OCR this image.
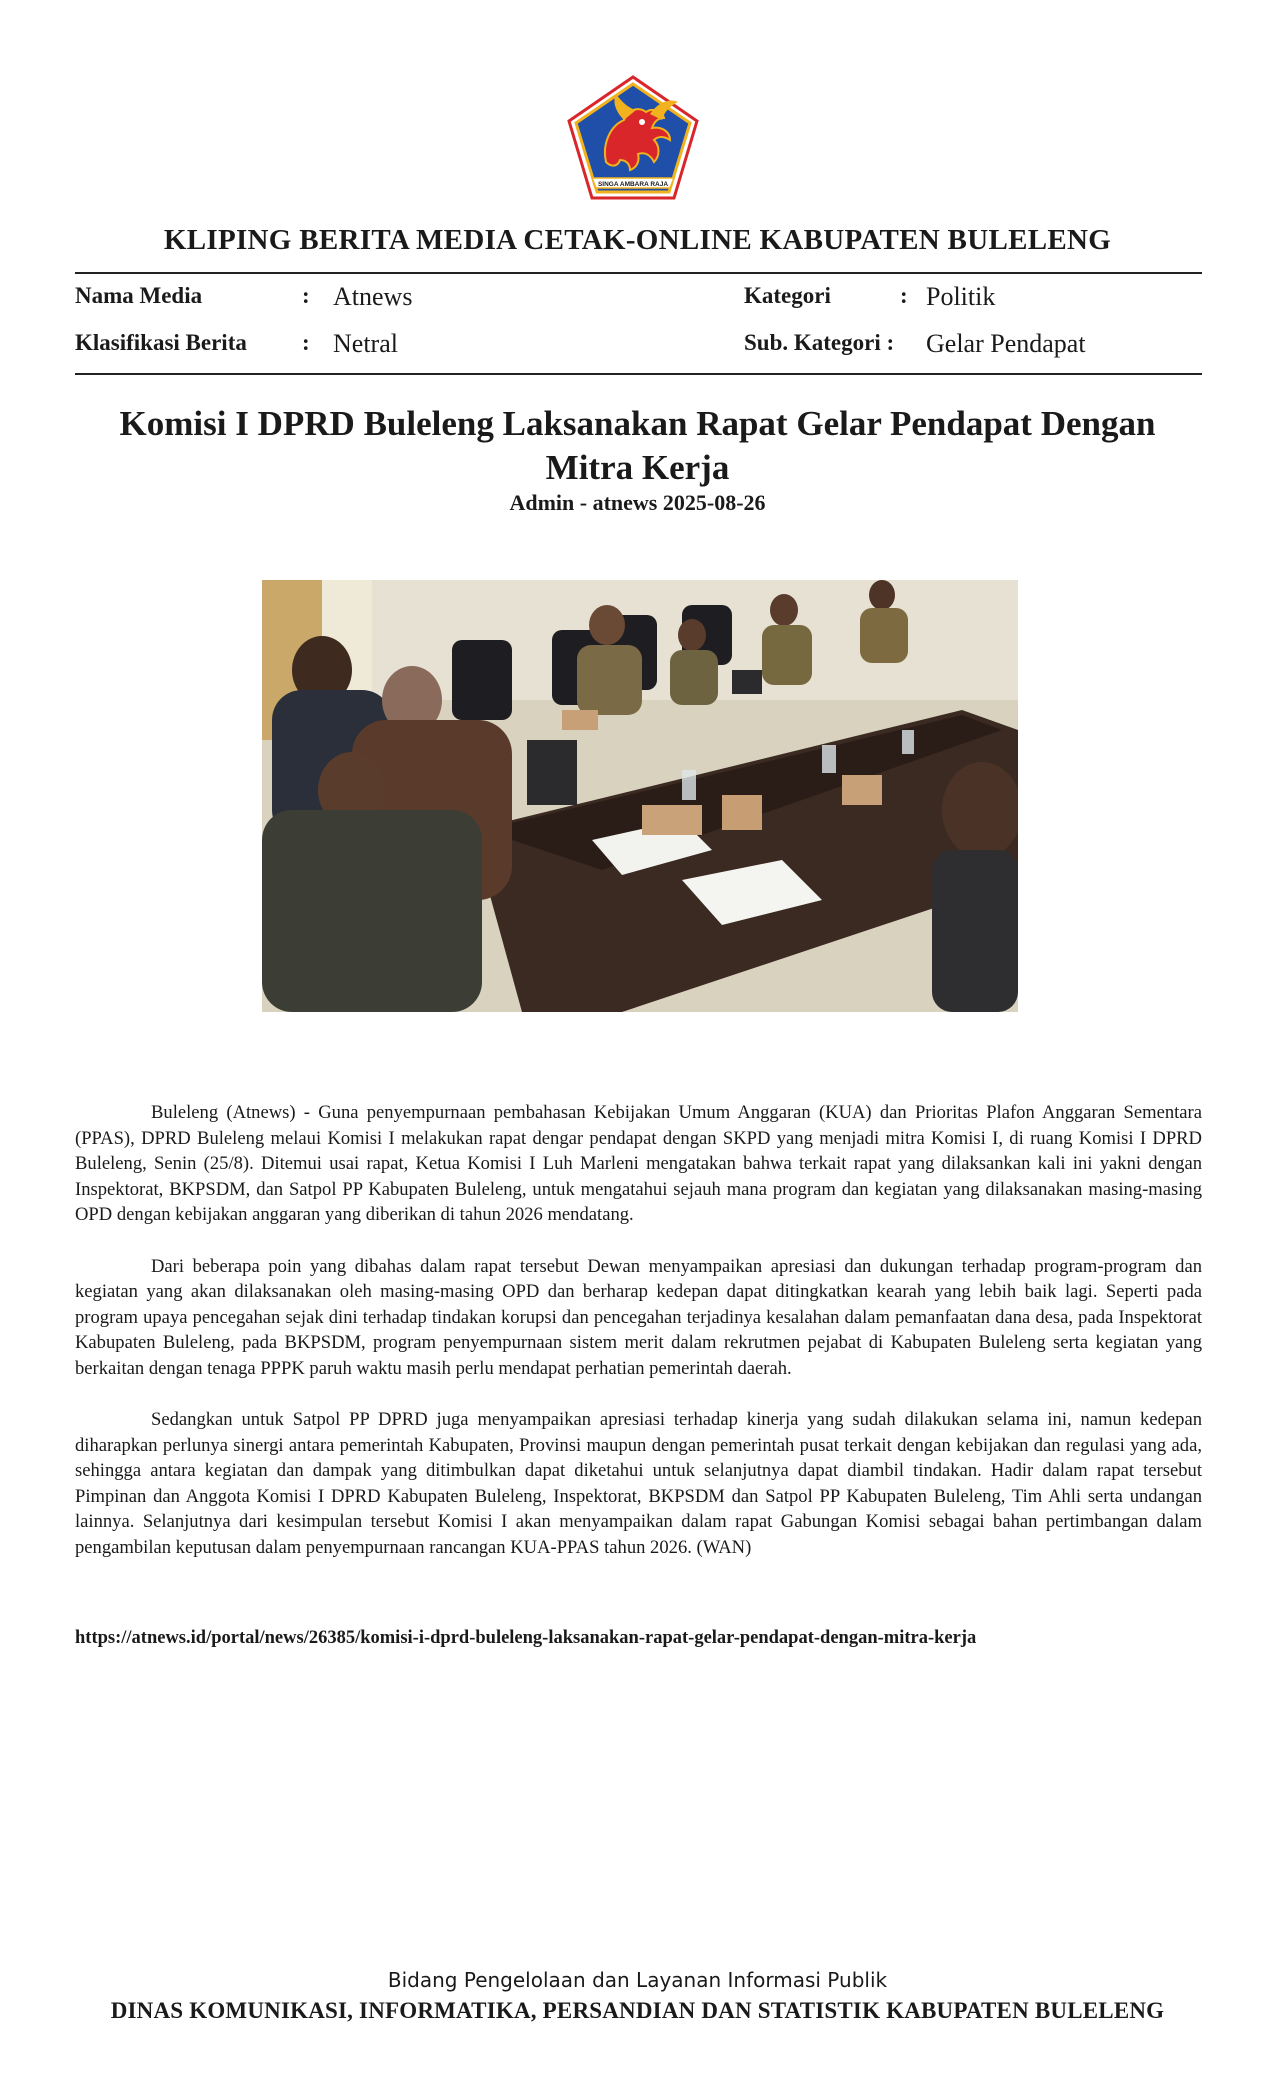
SINGA AMBARA RAJA
KLIPING BERITA MEDIA CETAK-ONLINE KABUPATEN BULELENG
Nama Media	: Atnews
Klasifikasi Berita : Netral
Kategori	: Politik
Sub. Kategori : Gelar Pendapat
Komisi I DPRD Buleleng Laksanakan Rapat Gelar Pendapat Dengan Mitra Kerja
Admin - atnews 2025-08-26

Buleleng (Atnews) - Guna penyempurnaan pembahasan Kebijakan Umum Anggaran (KUA) dan Prioritas Plafon Anggaran Sementara (PPAS), DPRD Buleleng melaui Komisi I melakukan rapat dengar pendapat dengan SKPD yang menjadi mitra Komisi I, di ruang Komisi I DPRD Buleleng, Senin (25/8). Ditemui usai rapat, Ketua Komisi I Luh Marleni mengatakan bahwa terkait rapat yang dilaksankan kali ini yakni dengan Inspektorat, BKPSDM, dan Satpol PP Kabupaten Buleleng, untuk mengatahui sejauh mana program dan kegiatan yang dilaksanakan masing-masing OPD dengan kebijakan anggaran yang diberikan di tahun 2026 mendatang.

Dari beberapa poin yang dibahas dalam rapat tersebut Dewan menyampaikan apresiasi dan dukungan terhadap program-program dan kegiatan yang akan dilaksanakan oleh masing-masing OPD dan berharap kedepan dapat ditingkatkan kearah yang lebih baik lagi. Seperti pada program upaya pencegahan sejak dini terhadap tindakan korupsi dan pencegahan terjadinya kesalahan dalam pemanfaatan dana desa, pada Inspektorat Kabupaten Buleleng, pada BKPSDM, program penyempurnaan sistem merit dalam rekrutmen pejabat di Kabupaten Buleleng serta kegiatan yang berkaitan dengan tenaga PPPK paruh waktu masih perlu mendapat perhatian pemerintah daerah.

Sedangkan untuk Satpol PP DPRD juga menyampaikan apresiasi terhadap kinerja yang sudah dilakukan selama ini, namun kedepan diharapkan perlunya sinergi antara pemerintah Kabupaten, Provinsi maupun dengan pemerintah pusat terkait dengan kebijakan dan regulasi yang ada, sehingga antara kegiatan dan dampak yang ditimbulkan dapat diketahui untuk selanjutnya dapat diambil tindakan. Hadir dalam rapat tersebut Pimpinan dan Anggota Komisi I DPRD Kabupaten Buleleng, Inspektorat, BKPSDM dan Satpol PP Kabupaten Buleleng, Tim Ahli serta undangan lainnya. Selanjutnya dari kesimpulan tersebut Komisi I akan menyampaikan dalam rapat Gabungan Komisi sebagai bahan pertimbangan dalam pengambilan keputusan dalam penyempurnaan rancangan KUA-PPAS tahun 2026. (WAN)

https://atnews.id/portal/news/26385/komisi-i-dprd-buleleng-laksanakan-rapat-gelar-pendapat-dengan-mitra-kerja
Bidang Pengelolaan dan Layanan Informasi Publik
DINAS KOMUNIKASI, INFORMATIKA, PERSANDIAN DAN STATISTIK KABUPATEN BULELENG
